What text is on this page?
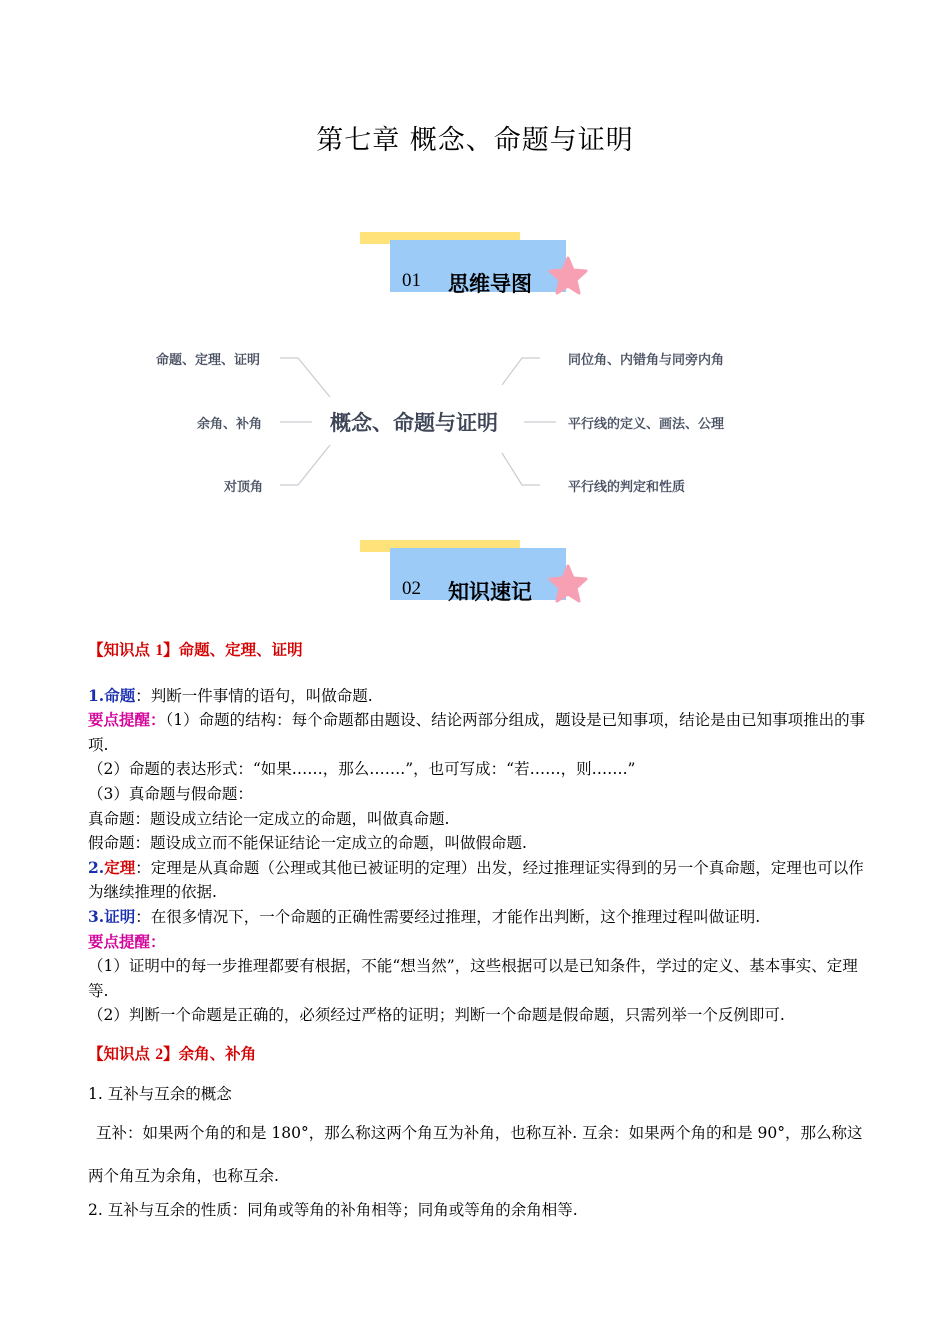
第七章 概念、命题与证明
01 思维导图
概念、命题与证明
命题、定理、证明
余角、补角
对顶角
同位角、内错角与同旁内角
平行线的定义、画法、公理
平行线的判定和性质
02 知识速记

【知识点 1】命题、定理、证明

1.命题：判断一件事情的语句，叫做命题.

要点提醒：（1）命题的结构：每个命题都由题设、结论两部分组成，题设是已知事项，结论是由已知事项推出的事项.

（2）命题的表达形式：“如果……，那么…….”，也可写成：“若……，则…….”

（3）真命题与假命题：

真命题：题设成立结论一定成立的命题，叫做真命题.

假命题：题设成立而不能保证结论一定成立的命题，叫做假命题.

2.定理：定理是从真命题（公理或其他已被证明的定理）出发，经过推理证实得到的另一个真命题，定理也可以作为继续推理的依据.

3.证明：在很多情况下，一个命题的正确性需要经过推理，才能作出判断，这个推理过程叫做证明.

要点提醒：

（1）证明中的每一步推理都要有根据，不能“想当然”，这些根据可以是已知条件，学过的定义、基本事实、定理等.

（2）判断一个命题是正确的，必须经过严格的证明；判断一个命题是假命题，只需列举一个反例即可.

【知识点 2】余角、补角

1. 互补与互余的概念

互补：如果两个角的和是 180°，那么称这两个角互为补角，也称互补. 互余：如果两个角的和是 90°，那么称这两个角互为余角，也称互余.

2. 互补与互余的性质：同角或等角的补角相等；同角或等角的余角相等.
